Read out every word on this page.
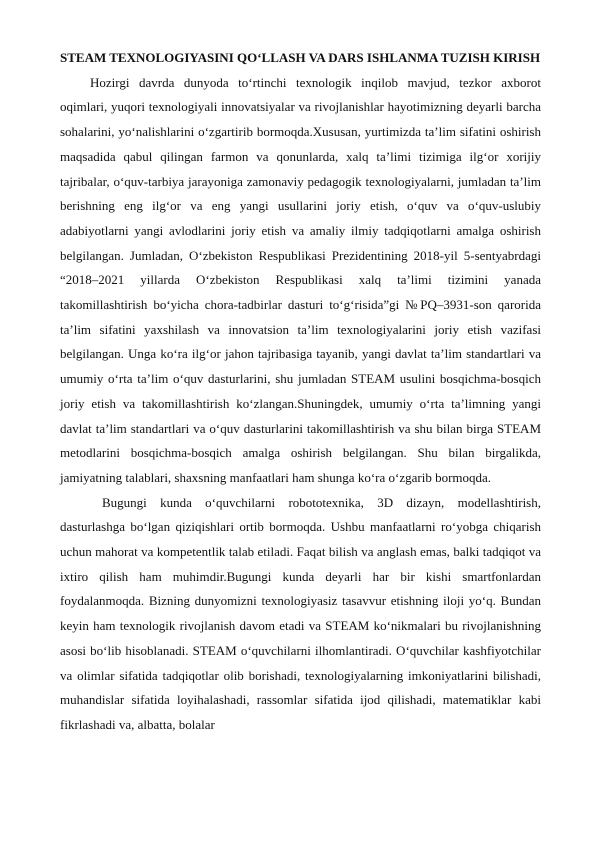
STEAM TEXNOLOGIYASINI QO‘LLASH VA DARS ISHLANMA TUZISH KIRISH

Hozirgi davrda dunyoda to‘rtinchi texnologik inqilob mavjud, tezkor axborot oqimlari, yuqori texnologiyali innovatsiyalar va rivojlanishlar hayotimizning deyarli barcha sohalarini, yo‘nalishlarini o‘zgartirib bormoqda.Xususan, yurtimizda ta’lim sifatini oshirish maqsadida qabul qilingan farmon va qonunlarda, xalq ta’limi tizimiga ilg‘or xorijiy tajribalar, o‘quv-tarbiya jarayoniga zamonaviy pedagogik texnologiyalarni, jumladan ta’lim berishning eng ilg‘or va eng yangi usullarini joriy etish, o‘quv va o‘quv-uslubiy adabiyotlarni yangi avlodlarini joriy etish va amaliy ilmiy tadqiqotlarni amalga oshirish belgilangan. Jumladan, O‘zbekiston Respublikasi Prezidentining 2018-yil 5-sentyabrdagi “2018–2021 yillarda O‘zbekiston Respublikasi xalq ta’limi tizimini yanada takomillashtirish bo‘yicha chora-tadbirlar dasturi to‘g‘risida”gi №PQ–3931-son qarorida ta’lim sifatini yaxshilash va innovatsion ta’lim texnologiyalarini joriy etish vazifasi belgilangan. Unga ko‘ra ilg‘or jahon tajribasiga tayanib, yangi davlat ta’lim standartlari va umumiy o‘rta ta’lim o‘quv dasturlarini, shu jumladan STEAM usulini bosqichma-bosqich joriy etish va takomillashtirish ko‘zlangan.Shuningdek, umumiy o‘rta ta’limning yangi davlat ta’lim standartlari va o‘quv dasturlarini takomillashtirish va shu bilan birga STEAM metodlarini bosqichma-bosqich amalga oshirish belgilangan. Shu bilan birgalikda, jamiyatning talablari, shaxsning manfaatlari ham shunga ko‘ra o‘zgarib bormoqda.

Bugungi kunda o‘quvchilarni robototexnika, 3D dizayn, modellashtirish, dasturlashga bo‘lgan qiziqishlari ortib bormoqda. Ushbu manfaatlarni ro‘yobga chiqarish uchun mahorat va kompetentlik talab etiladi. Faqat bilish va anglash emas, balki tadqiqot va ixtiro qilish ham muhimdir.Bugungi kunda deyarli har bir kishi smartfonlardan foydalanmoqda. Bizning dunyomizni texnologiyasiz tasavvur etishning iloji yo‘q. Bundan keyin ham texnologik rivojlanish davom etadi va STEAM ko‘nikmalari bu rivojlanishning asosi bo‘lib hisoblanadi. STEAM o‘quvchilarni ilhomlantiradi. O‘quvchilar kashfiyotchilar va olimlar sifatida tadqiqotlar olib borishadi, texnologiyalarning imkoniyatlarini bilishadi, muhandislar sifatida loyihalashadi, rassomlar sifatida ijod qilishadi, matematiklar kabi fikrlashadi va, albatta, bolalar
